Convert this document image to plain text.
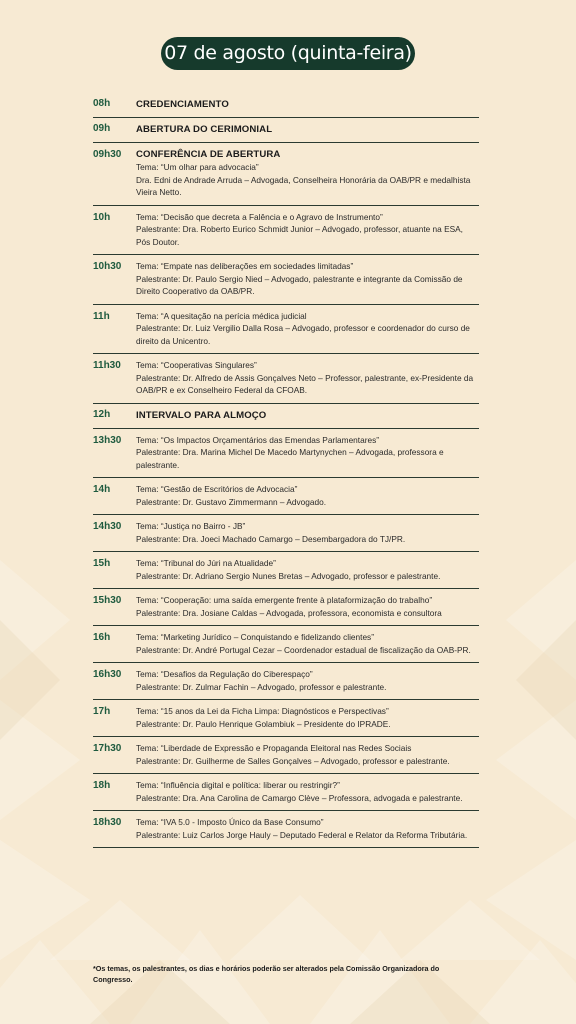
07 de agosto (quinta-feira)
08h	CREDENCIAMENTO
09h	ABERTURA DO CERIMONIAL
09h30	CONFERÊNCIA DE ABERTURA
Tema: “Um olhar para advocacia”
Dra. Edni de Andrade Arruda – Advogada, Conselheira Honorária da OAB/PR e medalhista Vieira Netto.
10h	Tema: “Decisão que decreta a Falência e o Agravo de Instrumento”
Palestrante: Dra. Roberto Eurico Schmidt Junior – Advogado, professor, atuante na ESA, Pós Doutor.
10h30	Tema: “Empate nas deliberações em sociedades limitadas”
Palestrante: Dr. Paulo Sergio Nied – Advogado, palestrante e integrante da Comissão de Direito Cooperativo da OAB/PR.
11h	Tema: “A quesitação na perícia médica judicial
Palestrante: Dr. Luiz Vergilio Dalla Rosa – Advogado, professor e coordenador do curso de direito da Unicentro.
11h30	Tema: “Cooperativas Singulares”
Palestrante: Dr. Alfredo de Assis Gonçalves Neto – Professor, palestrante, ex-Presidente da OAB/PR e ex Conselheiro Federal da CFOAB.
12h	INTERVALO PARA ALMOÇO
13h30	Tema: “Os Impactos Orçamentários das Emendas Parlamentares”
Palestrante: Dra. Marina Michel De Macedo Martynychen – Advogada, professora e palestrante.
14h	Tema: “Gestão de Escritórios de Advocacia”
Palestrante: Dr. Gustavo Zimmermann – Advogado.
14h30	Tema: “Justiça no Bairro - JB”
Palestrante: Dra. Joeci Machado Camargo – Desembargadora do TJ/PR.
15h	Tema: “Tribunal do Júri na Atualidade”
Palestrante: Dr. Adriano Sergio Nunes Bretas – Advogado, professor e palestrante.
15h30	Tema: “Cooperação: uma saída emergente frente à plataformização do trabalho”
Palestrante: Dra. Josiane Caldas – Advogada, professora, economista e consultora
16h	Tema: “Marketing Jurídico – Conquistando e fidelizando clientes”
Palestrante: Dr. André Portugal Cezar – Coordenador estadual de fiscalização da OAB-PR.
16h30	Tema: “Desafios da Regulação do Ciberespaço”
Palestrante: Dr. Zulmar Fachin – Advogado, professor e palestrante.
17h	Tema: “15 anos da Lei da Ficha Limpa: Diagnósticos e Perspectivas”
Palestrante: Dr. Paulo Henrique Golambiuk – Presidente do IPRADE.
17h30	Tema: “Liberdade de Expressão e Propaganda Eleitoral nas Redes Sociais
Palestrante: Dr. Guilherme de Salles Gonçalves – Advogado, professor e palestrante.
18h	Tema: “Influência digital e política: liberar ou restringir?”
Palestrante: Dra. Ana Carolina de Camargo Clève – Professora, advogada e palestrante.
18h30	Tema: “IVA 5.0 - Imposto Único da Base Consumo”
Palestrante: Luiz Carlos Jorge Hauly – Deputado Federal e Relator da Reforma Tributária.
*Os temas, os palestrantes, os dias e horários poderão ser alterados pela Comissão Organizadora do Congresso.
